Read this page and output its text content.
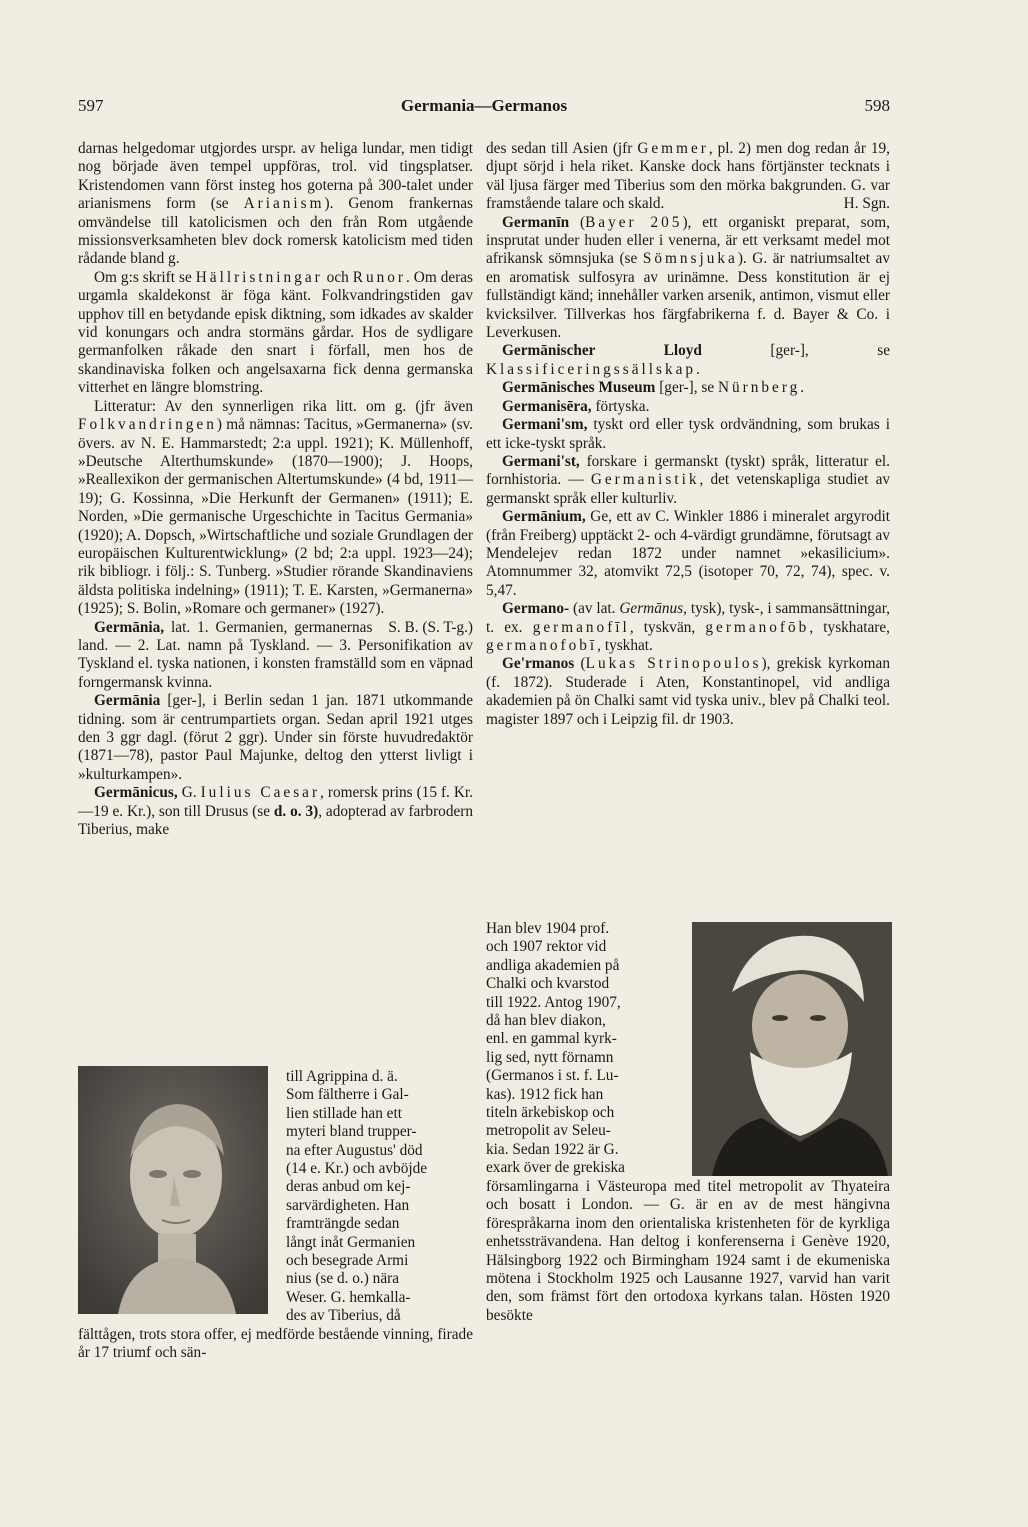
597	Germania—Germanos	598

darnas helgedomar utgjordes urspr. av heliga lundar, men tidigt nog började även tempel uppföras, trol. vid tingsplatser. Kristendomen vann först insteg hos goterna på 300-talet under arianismens form (se Arianism). Genom frankernas omvändelse till katolicismen och den från Rom utgående missionsverksamheten blev dock romersk katolicism med tiden rådande bland g.

Om g:s skrift se Hällristningar och Runor. Om deras urgamla skaldekonst är föga känt. Folkvandringstiden gav upphov till en betydande episk diktning, som idkades av skalder vid konungars och andra stormäns gårdar. Hos de sydligare germanfolken råkade den snart i förfall, men hos de skandinaviska folken och angelsaxarna fick denna germanska vitterhet en längre blomstring.

Litteratur: Av den synnerligen rika litt. om g. (jfr även Folkvandringen) må nämnas: Tacitus, »Germanerna» (sv. övers. av N. E. Hammarstedt; 2:a uppl. 1921); K. Müllenhoff, »Deutsche Alterthumskunde» (1870—1900); J. Hoops, »Reallexikon der germanischen Altertumskunde» (4 bd, 1911—19); G. Kossinna, »Die Herkunft der Germanen» (1911); E. Norden, »Die germanische Urgeschichte in Tacitus Germania» (1920); A. Dopsch, »Wirtschaftliche und soziale Grundlagen der europäischen Kulturentwicklung» (2 bd; 2:a uppl. 1923—24); rik bibliogr. i följ.: S. Tunberg. »Studier rörande Skandinaviens äldsta politiska indelning» (1911); T. E. Karsten, »Germanerna» (1925); S. Bolin, »Romare och germaner» (1927).
S. B. (S. T-g.)

Germānia, lat. 1. Germanien, germanernas land. — 2. Lat. namn på Tyskland. — 3. Personifikation av Tyskland el. tyska nationen, i konsten framställd som en väpnad forngermansk kvinna.

Germānia [ger-], i Berlin sedan 1 jan. 1871 utkommande tidning. som är centrumpartiets organ. Sedan april 1921 utges den 3 ggr dagl. (förut 2 ggr). Under sin förste huvudredaktör (1871—78), pastor Paul Majunke, deltog den ytterst livligt i »kulturkampen».

Germānicus, G. Iulius Caesar, romersk prins (15 f. Kr.—19 e. Kr.), son till Drusus (se d. o. 3), adopterad av farbrodern Tiberius, make

till Agrippina d. ä.
Som fältherre i Gal-
lien stillade han ett
myteri bland trupper-
na efter Augustus' död
(14 e. Kr.) och avböjde
deras anbud om kej-
sarvärdigheten. Han
framträngde sedan
långt inåt Germanien
och besegrade Armi
nius (se d. o.) nära
Weser. G. hemkalla-
des av Tiberius, då

fälttågen, trots stora offer, ej medförde bestående vinning, firade år 17 triumf och sän-

des sedan till Asien (jfr Gemmer, pl. 2) men dog redan år 19, djupt sörjd i hela riket. Kanske dock hans förtjänster tecknats i väl ljusa färger med Tiberius som den mörka bakgrunden. G. var framstående talare och skald.	H. Sgn.

Germanīn (Bayer 205), ett organiskt preparat, som, insprutat under huden eller i venerna, är ett verksamt medel mot afrikansk sömnsjuka (se Sömnsjuka). G. är natriumsaltet av en aromatisk sulfosyra av urinämne. Dess konstitution är ej fullständigt känd; innehåller varken arsenik, antimon, vismut eller kvicksilver. Tillverkas hos färgfabrikerna f. d. Bayer & Co. i Leverkusen.

Germānischer Lloyd [ger-], se Klassificeringssällskap.

Germānisches Museum [ger-], se Nürnberg.

Germanisēra, förtyska.

Germani'sm, tyskt ord eller tysk ordvändning, som brukas i ett icke-tyskt språk.

Germani'st, forskare i germanskt (tyskt) språk, litteratur el. fornhistoria. — Germanistik, det vetenskapliga studiet av germanskt språk eller kulturliv.

Germānium, Ge, ett av C. Winkler 1886 i mineralet argyrodit (från Freiberg) upptäckt 2- och 4-värdigt grundämne, förutsagt av Mendelejev redan 1872 under namnet »ekasilicium». Atomnummer 32, atomvikt 72,5 (isotoper 70, 72, 74), spec. v. 5,47.

Germano- (av lat. Germānus, tysk), tysk-, i sammansättningar, t. ex. germanofīl, tyskvän, germanofōb, tyskhatare, germanofobī, tyskhat.

Ge'rmanos (Lukas Strinopoulos), grekisk kyrkoman (f. 1872). Studerade i Aten, Konstantinopel, vid andliga akademien på ön Chalki samt vid tyska univ., blev på Chalki teol. magister 1897 och i Leipzig fil. dr 1903.

Han blev 1904 prof.
och 1907 rektor vid
andliga akademien på
Chalki och kvarstod
till 1922. Antog 1907,
då han blev diakon,
enl. en gammal kyrk-
lig sed, nytt förnamn
(Germanos i st. f. Lu-
kas). 1912 fick han
titeln ärkebiskop och
metropolit av Seleu-
kia. Sedan 1922 är G.
exark över de grekiska

församlingarna i Västeuropa med titel metropolit av Thyateira och bosatt i London. — G. är en av de mest hängivna förespråkarna inom den orientaliska kristenheten för de kyrkliga enhetssträvandena. Han deltog i konferenserna i Genève 1920, Hälsingborg 1922 och Birmingham 1924 samt i de ekumeniska mötena i Stockholm 1925 och Lausanne 1927, varvid han varit den, som främst fört den ortodoxa kyrkans talan. Hösten 1920 besökte
